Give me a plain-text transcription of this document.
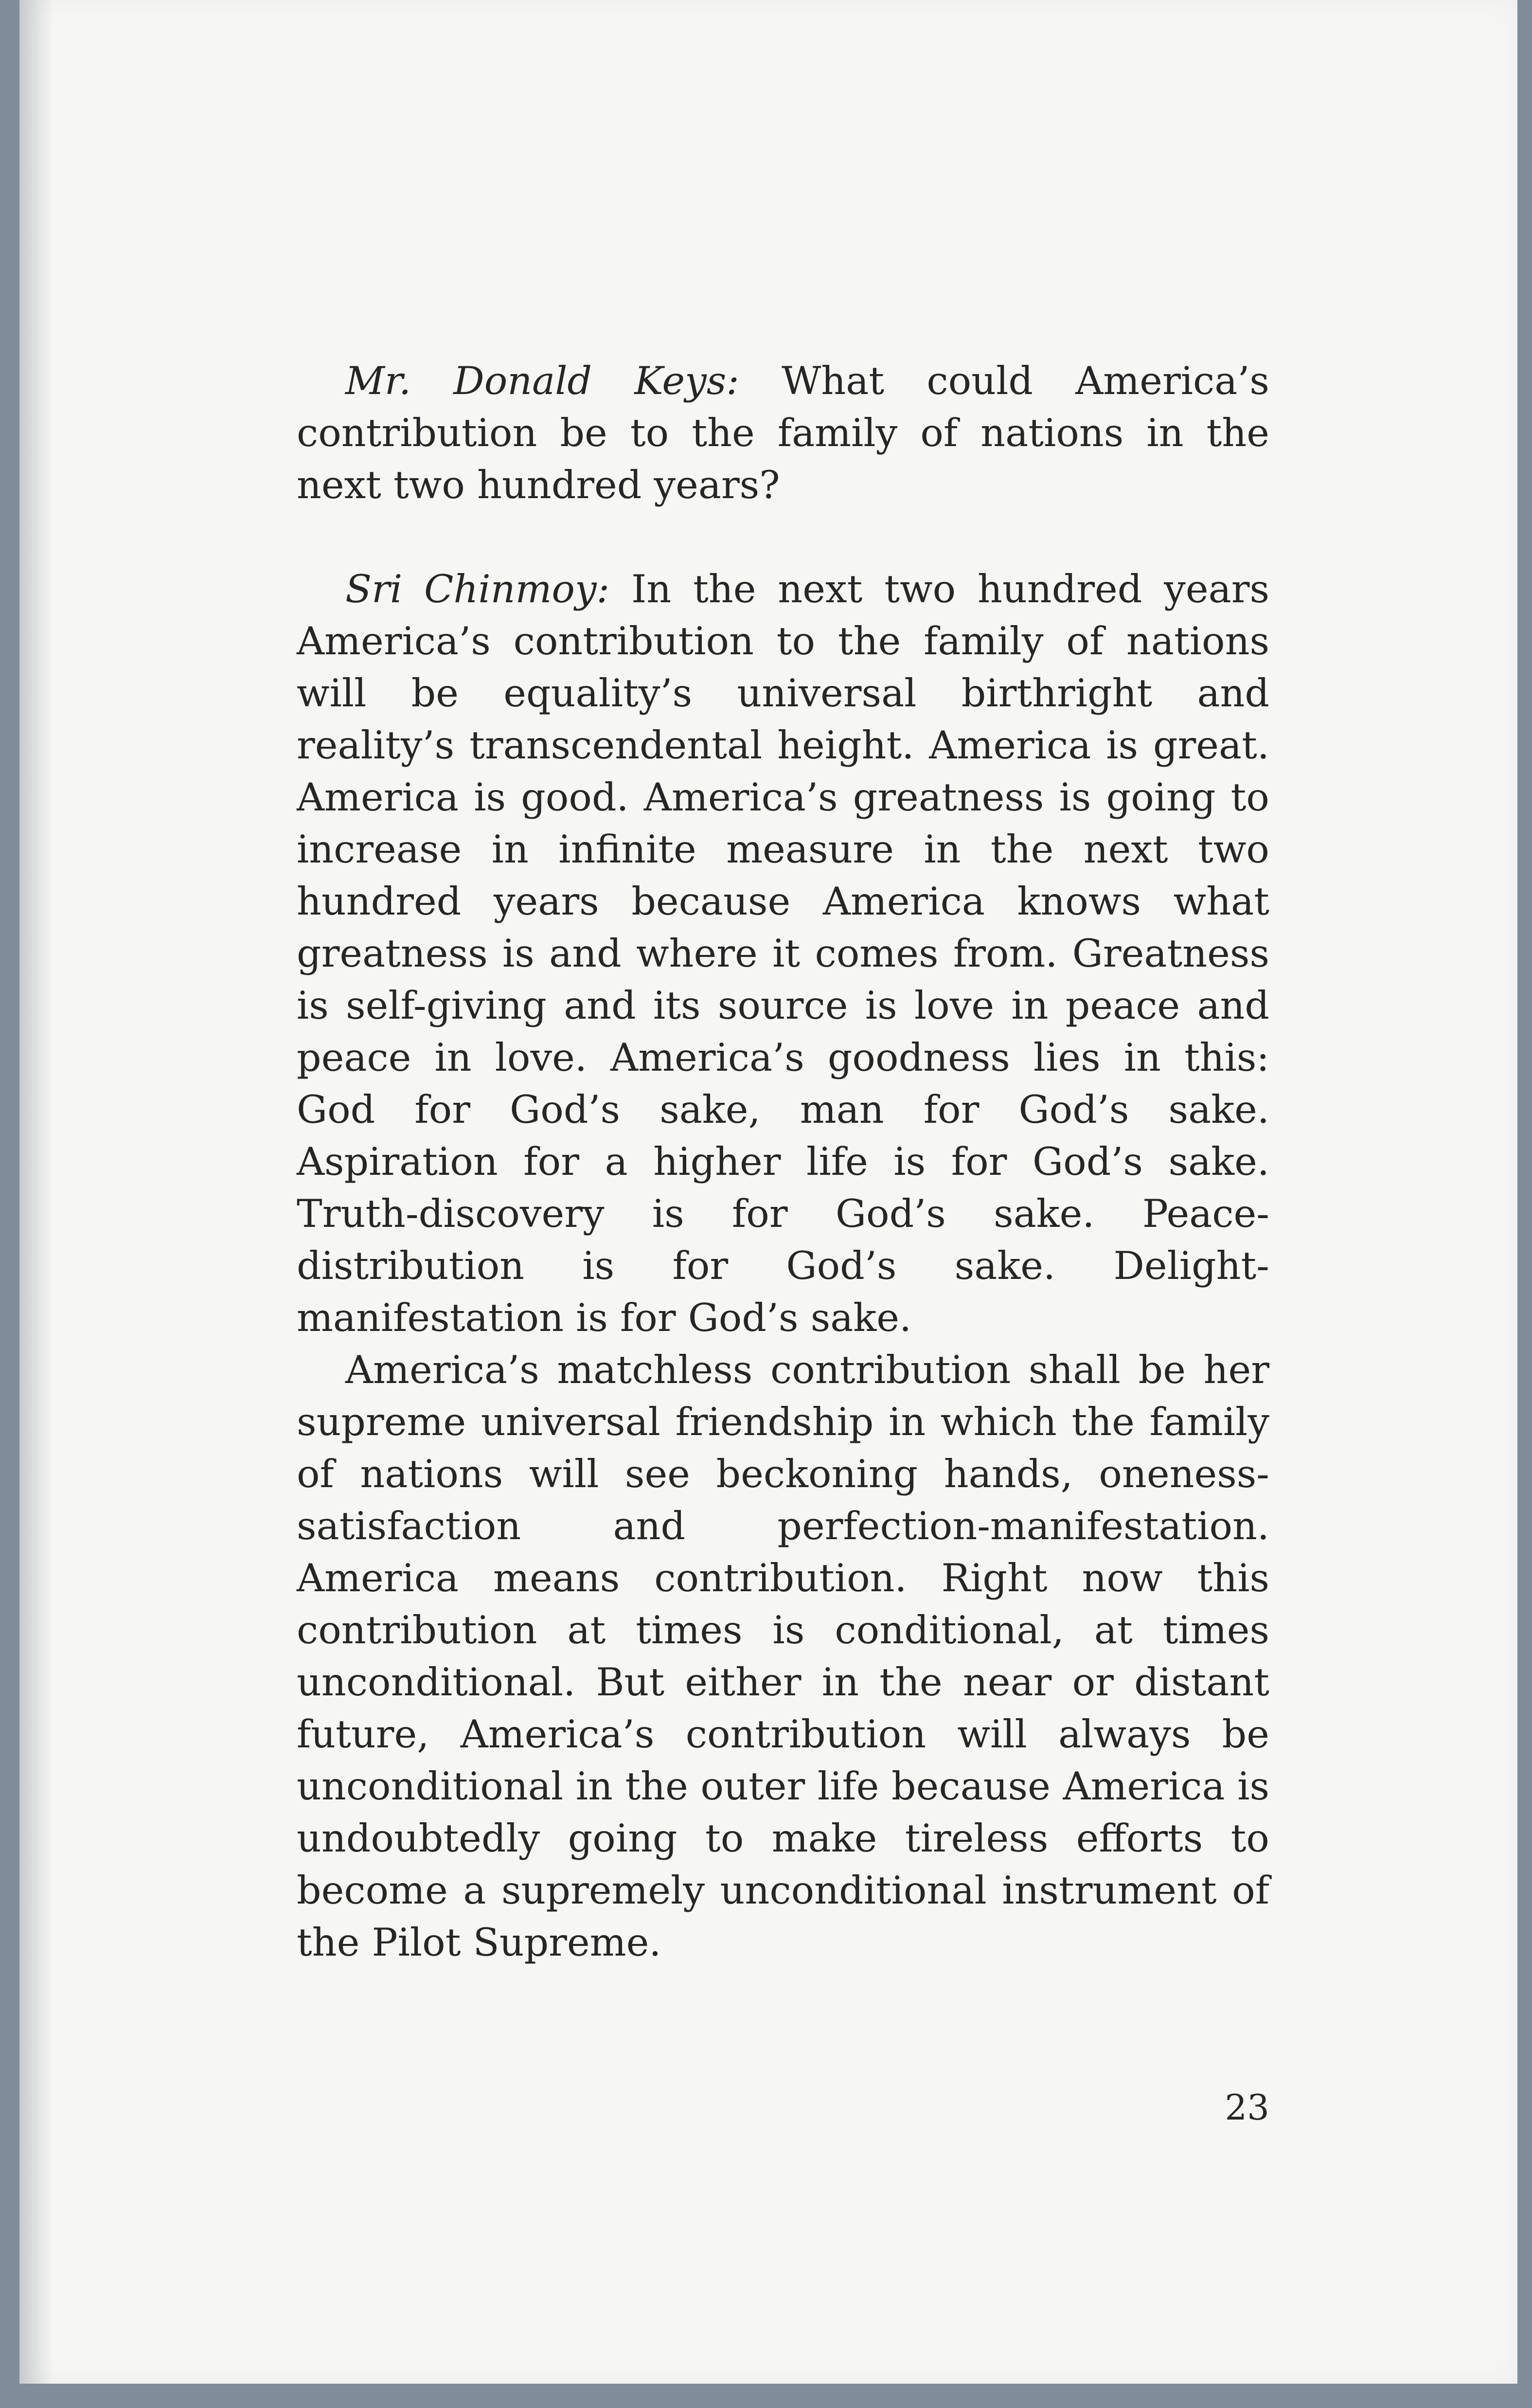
Mr. Donald Keys: What could America’s contribution be to the family of nations in the next two hundred years?

Sri Chinmoy: In the next two hundred years America’s contribution to the family of nations will be equality’s universal birthright and reality’s transcendental height. America is great. America is good. America’s greatness is going to increase in infinite measure in the next two hundred years because America knows what greatness is and where it comes from. Greatness is self-giving and its source is love in peace and peace in love. America’s goodness lies in this: God for God’s sake, man for God’s sake. Aspiration for a higher life is for God’s sake. Truth-discovery is for God’s sake. Peace-distribution is for God’s sake. Delight-manifestation is for God’s sake.

America’s matchless contribution shall be her supreme universal friendship in which the family of nations will see beckoning hands, oneness-satisfaction and perfection-manifestation. America means contribution. Right now this contribution at times is conditional, at times unconditional. But either in the near or distant future, America’s contribution will always be unconditional in the outer life because America is undoubtedly going to make tireless efforts to become a supremely unconditional instrument of the Pilot Supreme.

23
